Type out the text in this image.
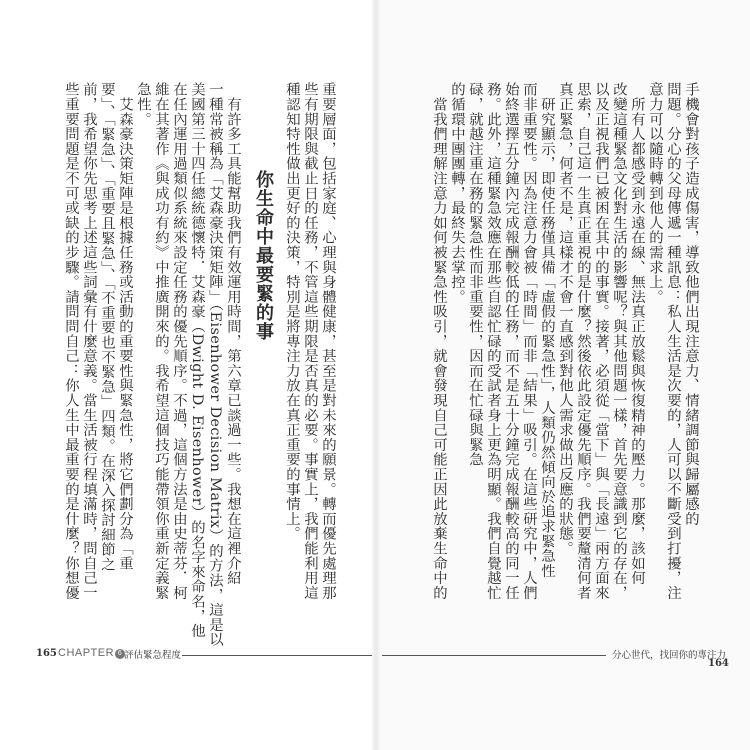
手機會對孩子造成傷害，導致他們出現注意力、情緒調節與歸屬感的
問題。分心的父母傳遞一種訊息：私人生活是次要的，人可以不斷受到打擾，注
意力可以隨時轉到他人的需求上。
　所有人都感受到永遠在線、無法真正放鬆與恢復精神的壓力。那麼，該如何
改變這種緊急文化對生活的影響呢？與其他問題一樣，首先要意識到它的存在，
以及正視我們已被困在其中的事實。接著，必須從「當下」與「長遠」兩方面來
思索，自己這一生真正重視的是什麼？然後依此設定優先順序。我們要釐清何者
真正緊急，何者不是，這樣才不會一直感到對他人需求做出反應的狀態。
　研究顯示，即使任務僅具備「虛假的緊急性」，人類仍然傾向於追求緊急性
而非重要性。因為注意力會被「時間」而非「結果」吸引。在這些研究中，人們
始終選擇五分鐘內完成報酬較低的任務，而不是五十分鐘完成報酬較高的同一任
務。此外，這種緊急效應在那些自認忙碌的受試者身上更為明顯。我們自覺越忙
碌，就越注重在務的緊急性而非重要性，因而在忙碌與緊急
的循環中團團轉，最終失去掌控。
　當我們理解注意力如何被緊急性吸引，就會發現自己可能正因此放棄生命中的
重要層面，包括家庭、心理與身體健康，甚至是對未來的願景。轉而優先處理那
些有期限與截止日的任務，不管這些期限是否真的必要。事實上，我們能利用這
種認知特性做出更好的決策，特別是將專注力放在真正重要的事情上。
你生命中最要緊的事
　有許多工具能幫助我們有效運用時間，第六章已談過一些。我想在這裡介紹
一種常被稱為「艾森豪決策矩陣」（Eisenhower Decision Matrix）的方法，這是以
美國第三十四任總統德懷特．艾森豪（Dwight D. Eisenhower）的名字來命名，他
在任內運用過類似系統來設定任務的優先順序。不過，這個方法是由史蒂芬．柯
維在其著作《與成功有約》中推廣開來的。我希望這個技巧能帶領你重新定義緊
急性。
　艾森豪決策矩陣是根據任務或活動的重要性與緊急性，將它們劃分為「重
要」、「緊急」、「重要且緊急」、「不重要也不緊急」四類。在深入探討細節之
前，我希望你先思考上述這些詞彙有什麼意義。當生活被行程填滿時，問自己一
些重要問題是不可或缺的步驟。請問問自己：你人生中最重要的是什麼？你想優
165 CHAPTER 6 評估緊急程度	分心世代，找回你的專注力
164
